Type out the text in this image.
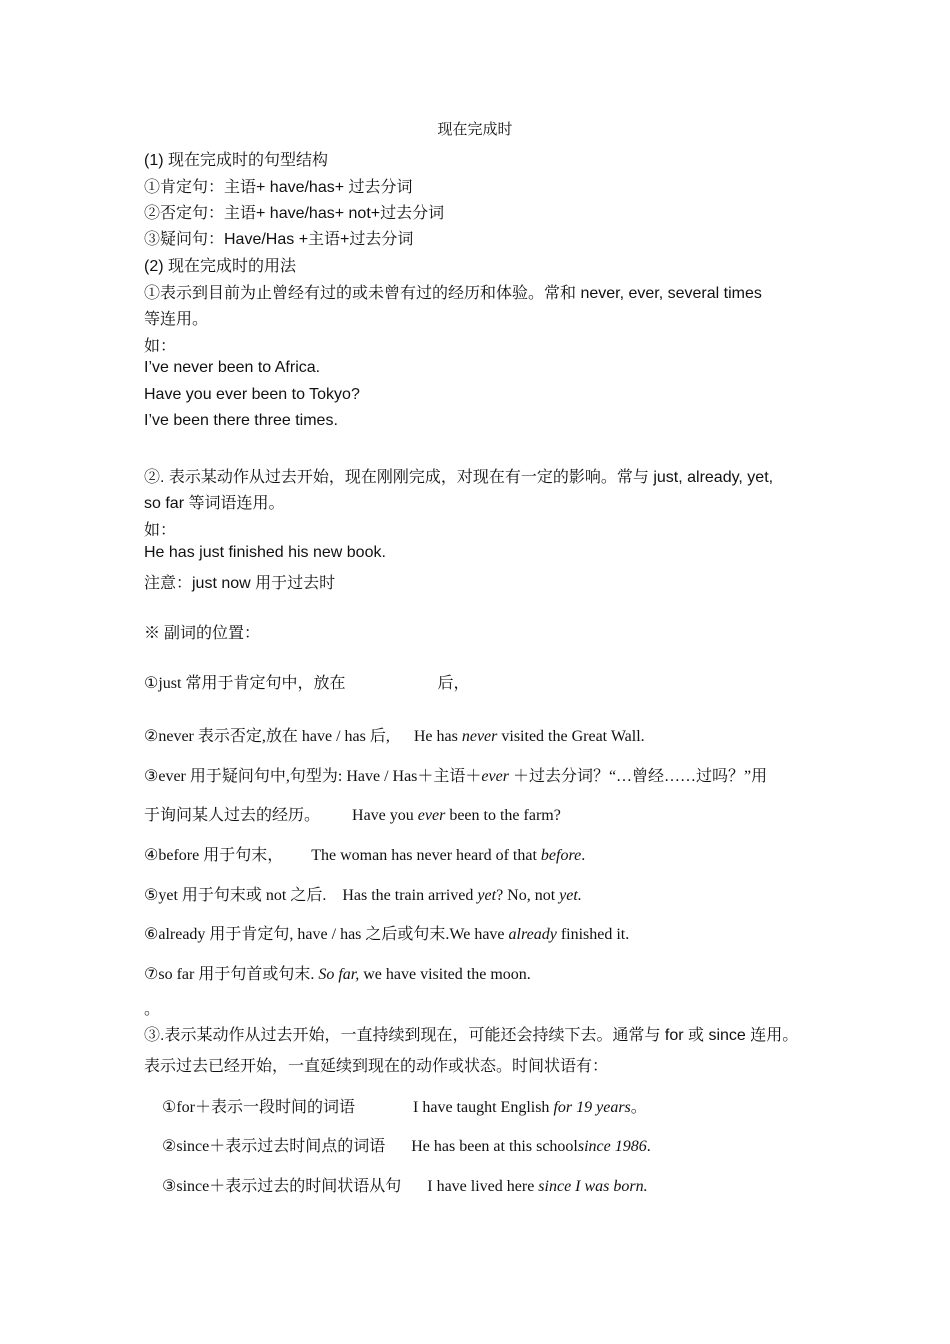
现在完成时
(1) 现在完成时的句型结构
①肯定句：主语+ have/has+ 过去分词
②否定句：主语+ have/has+ not+过去分词
③疑问句：Have/Has +主语+过去分词
(2) 现在完成时的用法
①表示到目前为止曾经有过的或未曾有过的经历和体验。常和 never, ever, several times
等连用。
如：
I’ve never been to Africa.
Have you ever been to Tokyo?
I’ve been there three times.
②. 表示某动作从过去开始，现在刚刚完成，对现在有一定的影响。常与 just, already, yet,
so far 等词语连用。
如：
He has just finished his new book.
注意：just now 用于过去时
※ 副词的位置：
①just 常用于肯定句中，放在	后，
②never 表示否定,放在 have / has 后, He has never visited the Great Wall.
③ever 用于疑问句中,句型为: Have / Has＋主语＋ever ＋过去分词？“…曾经……过吗？”用
于询问某人过去的经历。 Have you ever been to the farm?
④before 用于句末， The woman has never heard of that before.
⑤yet 用于句末或 not 之后. Has the train arrived yet? No, not yet.
⑥already 用于肯定句, have / has 之后或句末.We have already finished it.
⑦so far 用于句首或句末. So far, we have visited the moon.
。
③.表示某动作从过去开始，一直持续到现在，可能还会持续下去。通常与 for 或 since 连用。
表示过去已经开始，一直延续到现在的动作或状态。时间状语有：
①for＋表示一段时间的词语	I have taught English for 19 years。
②since＋表示过去时间点的词语 He has been at this schoolsince 1986.
③since＋表示过去的时间状语从句 I have lived here since I was born.
